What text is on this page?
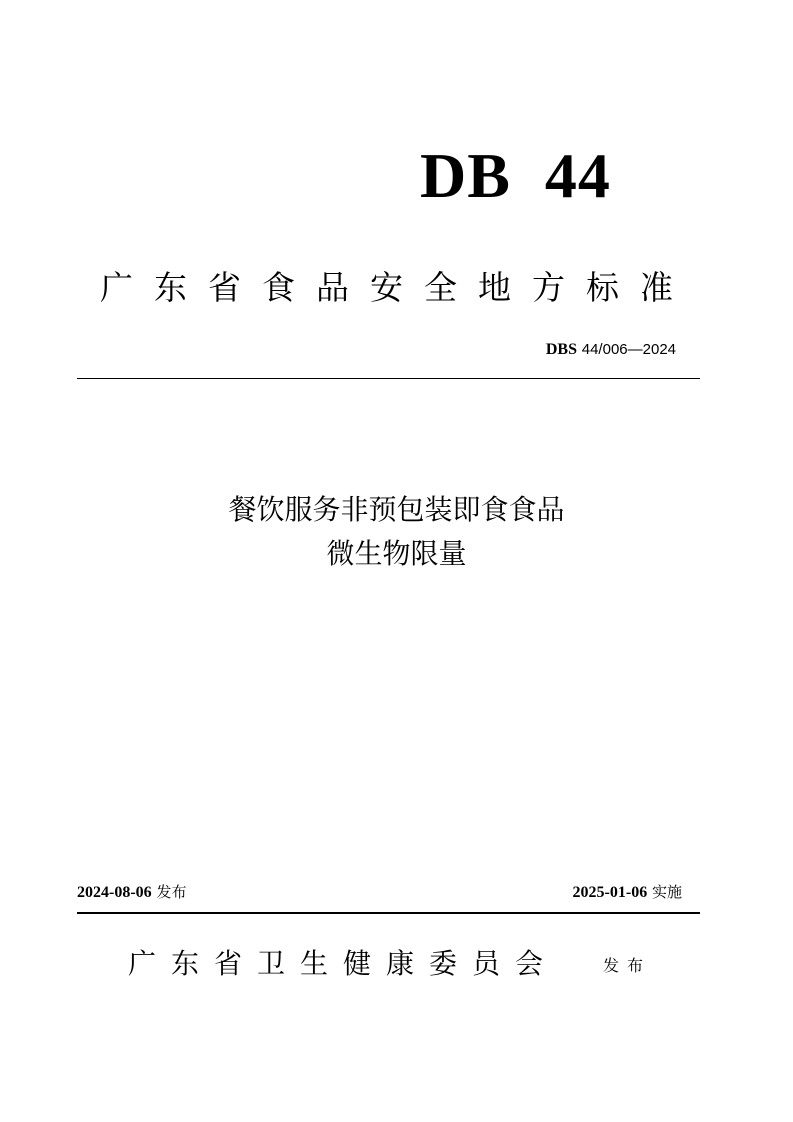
DB  44
广东省食品安全地方标准
DBS 44/006—2024
餐饮服务非预包装即食食品
微生物限量
2024-08-06 发布	2025-01-06 实施
广东省卫生健康委员会	发布
